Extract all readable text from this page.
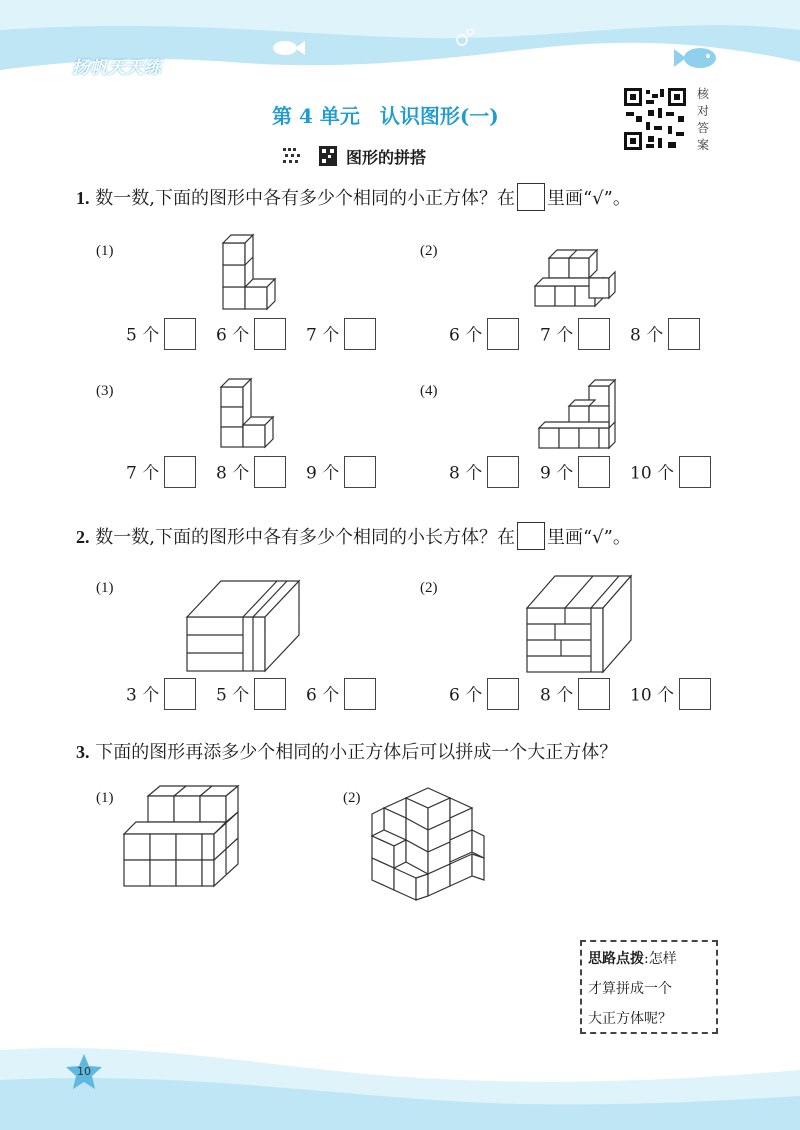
扬帆天天练
第 4 单元　认识图形(一)
核对答案
图形的拼搭
1. 数一数,下面的图形中各有多少个相同的小正方体？在 里画“√”。
(1)
5 个	6 个	7 个
(2)
6 个	7 个	8 个
(3)
7 个	8 个	9 个
(4)
8 个	9 个	10 个
2. 数一数,下面的图形中各有多少个相同的小长方体？在 里画“√”。
(1)
3 个	5 个	6 个
(2)
6 个	8 个	10 个
3. 下面的图形再添多少个相同的小正方体后可以拼成一个大正方体？
(1)	(2)
思路点拨:怎样
才算拼成一个
大正方体呢？
10
